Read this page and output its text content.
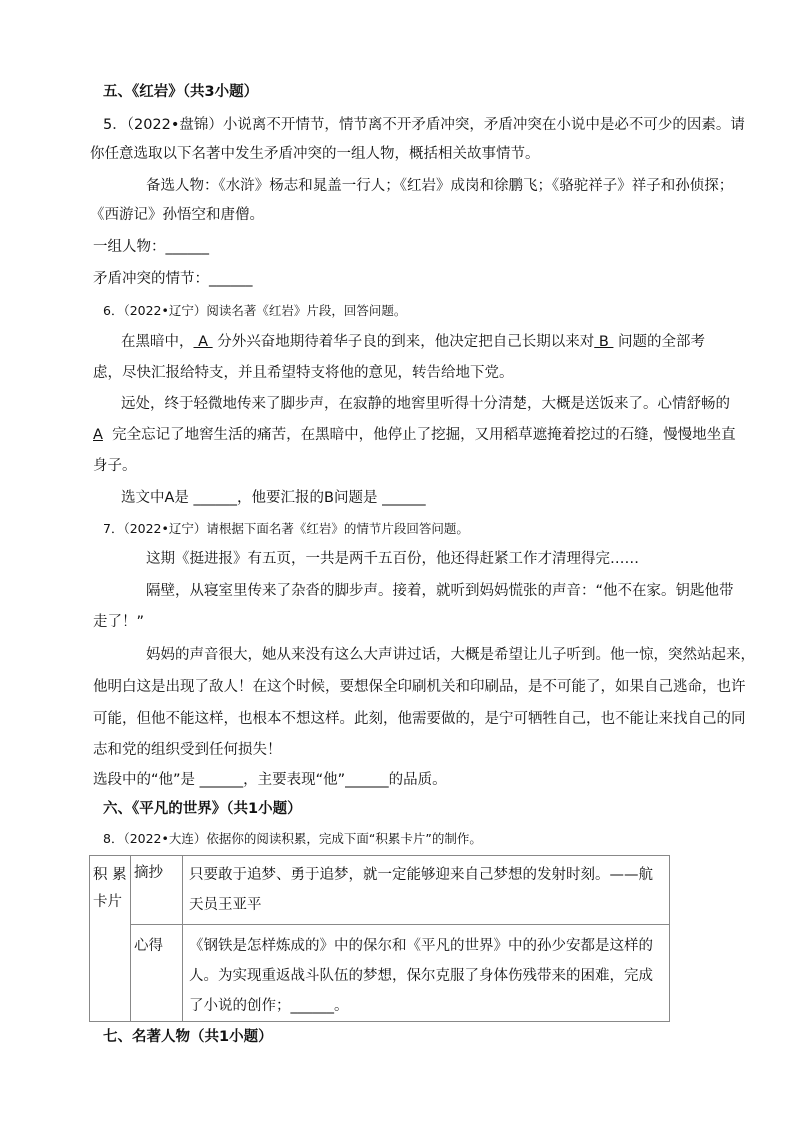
五、《红岩》（共3小题）
5．（2022•盘锦）小说离不开情节，情节离不开矛盾冲突，矛盾冲突在小说中是必不可少的因素。请
你任意选取以下名著中发生矛盾冲突的一组人物，概括相关故事情节。
备选人物：《水浒》杨志和晁盖一行人；《红岩》成岗和徐鹏飞；《骆驼祥子》祥子和孙侦探；
《西游记》孙悟空和唐僧。
一组人物：______
矛盾冲突的情节：______
6．（2022•辽宁）阅读名著《红岩》片段，回答问题。
在黑暗中， A  分外兴奋地期待着华子良的到来，他决定把自己长期以来对 B  问题的全部考
虑，尽快汇报给特支，并且希望特支将他的意见，转告给地下党。
远处，终于轻微地传来了脚步声，在寂静的地窖里听得十分清楚，大概是送饭来了。心情舒畅的
A 完全忘记了地窖生活的痛苦，在黑暗中，他停止了挖掘，又用稻草遮掩着挖过的石缝，慢慢地坐直
身子。
选文中A是 ______，他要汇报的B问题是 ______
7．（2022•辽宁）请根据下面名著《红岩》的情节片段回答问题。
这期《挺进报》有五页，一共是两千五百份，他还得赶紧工作才清理得完……
隔壁，从寝室里传来了杂沓的脚步声。接着，就听到妈妈慌张的声音：“他不在家。钥匙他带
走了！”
妈妈的声音很大，她从来没有这么大声讲过话，大概是希望让儿子听到。他一惊，突然站起来，
他明白这是出现了敌人！在这个时候，要想保全印刷机关和印刷品，是不可能了，如果自己逃命，也许
可能，但他不能这样，也根本不想这样。此刻，他需要做的，是宁可牺牲自己，也不能让来找自己的同
志和党的组织受到任何损失！
选段中的“他”是 ______，主要表现“他”______的品质。
六、《平凡的世界》（共1小题）
8．（2022•大连）依据你的阅读积累，完成下面“积累卡片”的制作。
积 累卡片	摘抄	只要敢于追梦、勇于追梦，就一定能够迎来自己梦想的发射时刻。——航天员王亚平
	心得	《钢铁是怎样炼成的》中的保尔和《平凡的世界》中的孙少安都是这样的人。为实现重返战斗队伍的梦想，保尔克服了身体伤残带来的困难，完成了小说的创作；______。
七、名著人物（共1小题）
